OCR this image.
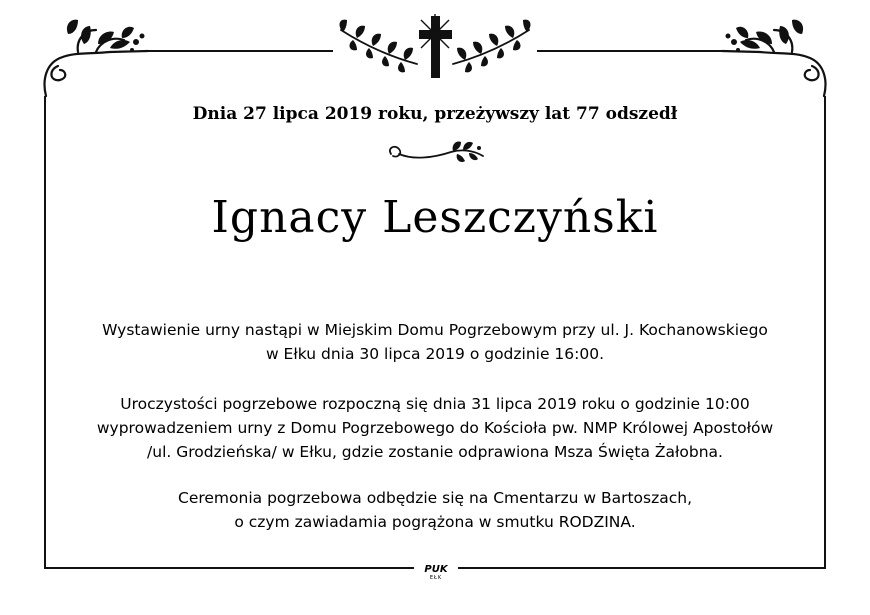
Dnia 27 lipca 2019 roku, przeżywszy lat 77 odszedł
Ignacy Leszczyński
Wystawienie urny nastąpi w Miejskim Domu Pogrzebowym przy ul. J. Kochanowskiego
w Ełku dnia 30 lipca 2019 o godzinie 16:00.
Uroczystości pogrzebowe rozpoczną się dnia 31 lipca 2019 roku o godzinie 10:00
wyprowadzeniem urny z Domu Pogrzebowego do Kościoła pw. NMP Królowej Apostołów
/ul. Grodzieńska/ w Ełku, gdzie zostanie odprawiona Msza Święta Żałobna.
Ceremonia pogrzebowa odbędzie się na Cmentarzu w Bartoszach,
o czym zawiadamia pogrążona w smutku RODZINA.
PUK
EŁK
